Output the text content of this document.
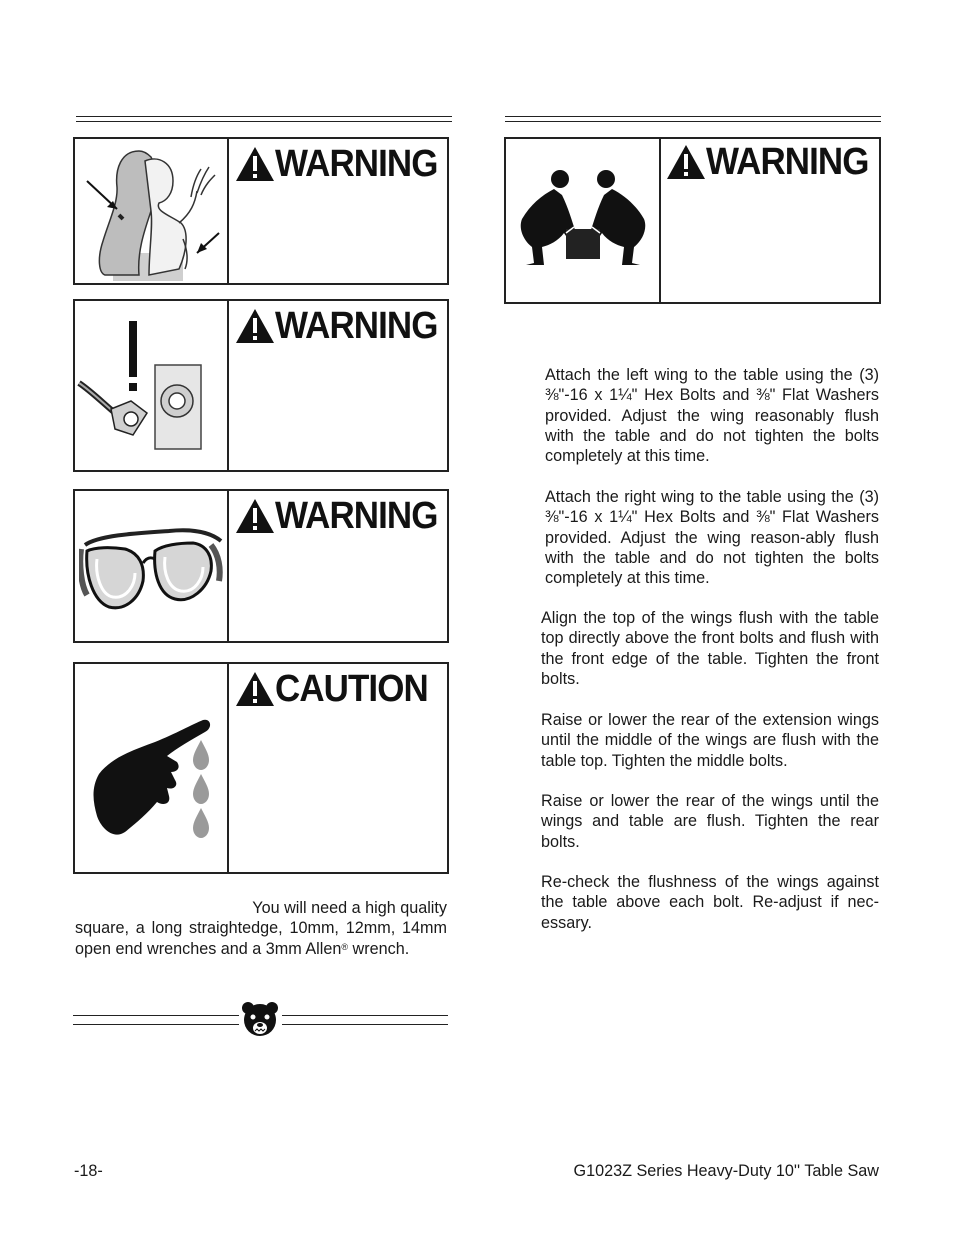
WARNING
WARNING
WARNING
CAUTION
You will need a high quality
square, a long straightedge, 10mm, 12mm, 14mm open end wrenches and a 3mm Allen® wrench.
WARNING
Attach the left wing to the table using the (3) ⅜"-16 x 1¼" Hex Bolts and ⅜" Flat Washers provided. Adjust the wing reasonably flush with the table and do not tighten the bolts completely at this time.
Attach the right wing to the table using the (3) ⅜"-16 x 1¼" Hex Bolts and ⅜" Flat Washers provided. Adjust the wing reason-ably flush with the table and do not tighten the bolts completely at this time.
Align the top of the wings flush with the table top directly above the front bolts and flush with the front edge of the table. Tighten the front bolts.
Raise or lower the rear of the extension wings until the middle of the wings are flush with the table top. Tighten the middle bolts.
Raise or lower the rear of the wings until the wings and table are flush. Tighten the rear bolts.
Re-check the flushness of the wings against the table above each bolt. Re-adjust if nec-essary.
-18-	G1023Z Series Heavy-Duty 10'' Table Saw
